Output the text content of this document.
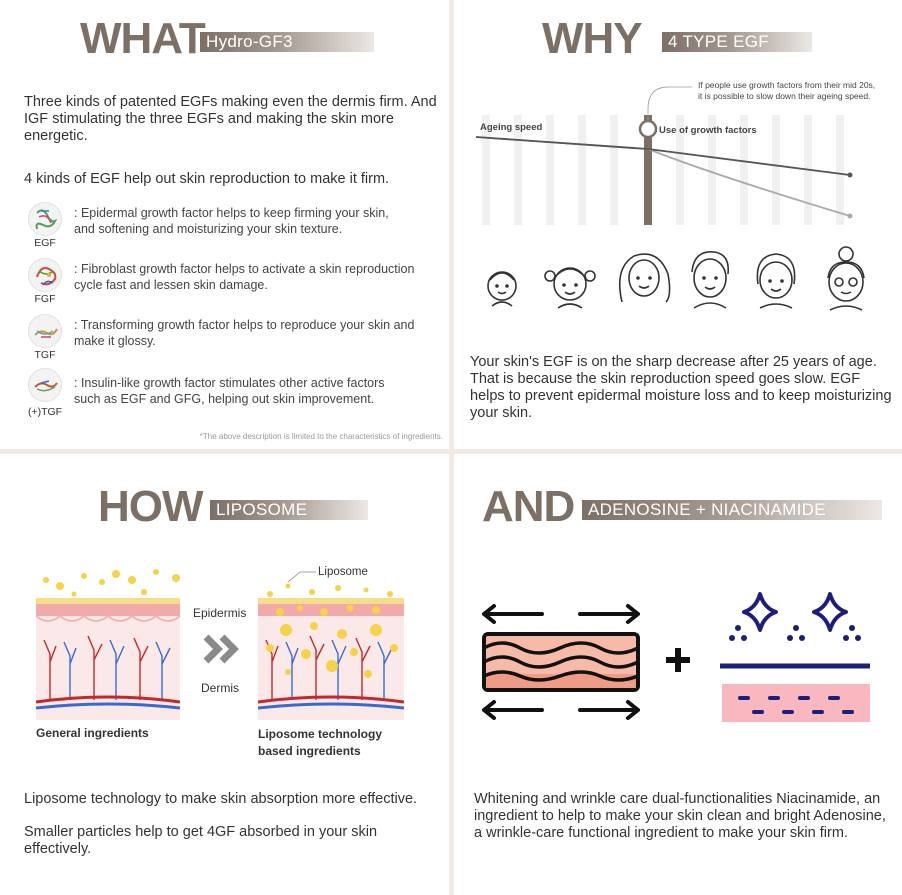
Hydro-GF3
WHAT
Three kinds of patented EGFs making even the dermis firm. And IGF stimulating the three EGFs and making the skin more energetic.
4 kinds of EGF help out skin reproduction to make it firm.
EGF
: Epidermal growth factor helps to keep firming your skin,
and softening and moisturizing your skin texture.
FGF
: Fibroblast growth factor helps to activate a skin reproduction
cycle fast and lessen skin damage.
TGF
: Transforming growth factor helps to reproduce your skin and
make it glossy.
(+)TGF
: Insulin-like growth factor stimulates other active factors
such as EGF and GFG, helping out skin improvement.
*The above description is limited to the characteristics of ingredients.
4 TYPE EGF
WHY
If people use growth factors from their mid 20s,
it is possible to slow down their ageing speed.
Ageing speed	Use of growth factors
Your skin's EGF is on the sharp decrease after 25 years of age. That is because the skin reproduction speed goes slow. EGF helps to prevent epidermal moisture loss and to keep moisturizing your skin.
LIPOSOME
HOW
Epidermis
Dermis
Liposome
General ingredients	Liposome technology
based ingredients
Liposome technology to make skin absorption more effective.
Smaller particles help to get 4GF absorbed in your skin effectively.
ADENOSINE + NIACINAMIDE
AND
Whitening and wrinkle care dual-functionalities Niacinamide, an ingredient to help to make your skin clean and bright Adenosine, a wrinkle-care functional ingredient to make your skin firm.
